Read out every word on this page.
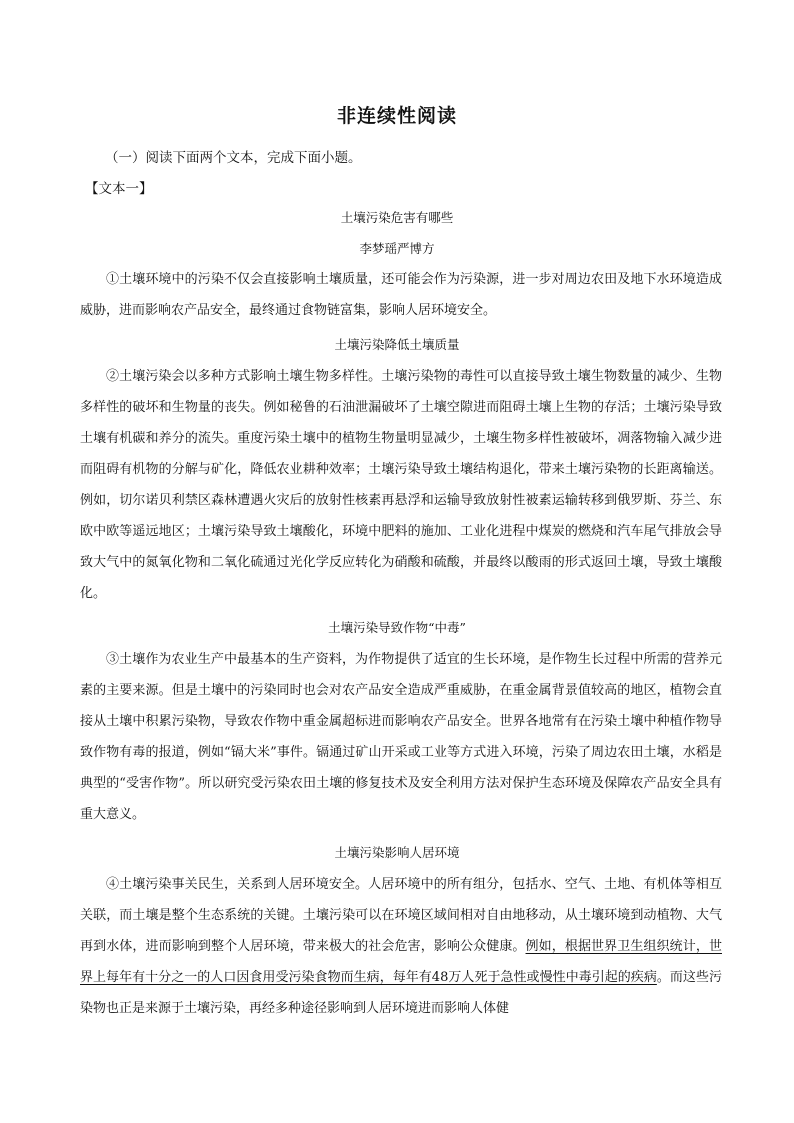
非连续性阅读
（一）阅读下面两个文本，完成下面小题。
【文本一】
土壤污染危害有哪些
李梦瑶严博方

①土壤环境中的污染不仅会直接影响土壤质量，还可能会作为污染源，进一步对周边农田及地下水环境造成威胁，进而影响农产品安全，最终通过食物链富集，影响人居环境安全。

土壤污染降低土壤质量

②土壤污染会以多种方式影响土壤生物多样性。土壤污染物的毒性可以直接导致土壤生物数量的减少、生物多样性的破坏和生物量的丧失。例如秘鲁的石油泄漏破坏了土壤空隙进而阻碍土壤上生物的存活；土壤污染导致土壤有机碳和养分的流失。重度污染土壤中的植物生物量明显减少，土壤生物多样性被破坏，凋落物输入减少进而阻碍有机物的分解与矿化，降低农业耕种效率；土壤污染导致土壤结构退化，带来土壤污染物的长距离输送。例如，切尔诺贝利禁区森林遭遇火灾后的放射性核素再悬浮和运输导致放射性被素运输转移到俄罗斯、芬兰、东欧中欧等遥远地区；土壤污染导致土壤酸化，环境中肥料的施加、工业化进程中煤炭的燃烧和汽车尾气排放会导致大气中的氮氧化物和二氧化硫通过光化学反应转化为硝酸和硫酸，并最终以酸雨的形式返回土壤，导致土壤酸化。

土壤污染导致作物“中毒”

③土壤作为农业生产中最基本的生产资料，为作物提供了适宜的生长环境，是作物生长过程中所需的营养元素的主要来源。但是土壤中的污染同时也会对农产品安全造成严重威胁，在重金属背景值较高的地区，植物会直接从土壤中积累污染物，导致农作物中重金属超标进而影响农产品安全。世界各地常有在污染土壤中种植作物导致作物有毒的报道，例如“镉大米”事件。镉通过矿山开采或工业等方式进入环境，污染了周边农田土壤，水稻是典型的“受害作物”。所以研究受污染农田土壤的修复技术及安全利用方法对保护生态环境及保障农产品安全具有重大意义。

土壤污染影响人居环境

④土壤污染事关民生，关系到人居环境安全。人居环境中的所有组分，包括水、空气、土地、有机体等相互关联，而土壤是整个生态系统的关键。土壤污染可以在环境区域间相对自由地移动，从土壤环境到动植物、大气再到水体，进而影响到整个人居环境，带来极大的社会危害，影响公众健康。例如，根据世界卫生组织统计，世界上每年有十分之一的人口因食用受污染食物而生病，每年有48万人死于急性或慢性中毒引起的疾病。而这些污染物也正是来源于土壤污染，再经多种途径影响到人居环境进而影响人体健
